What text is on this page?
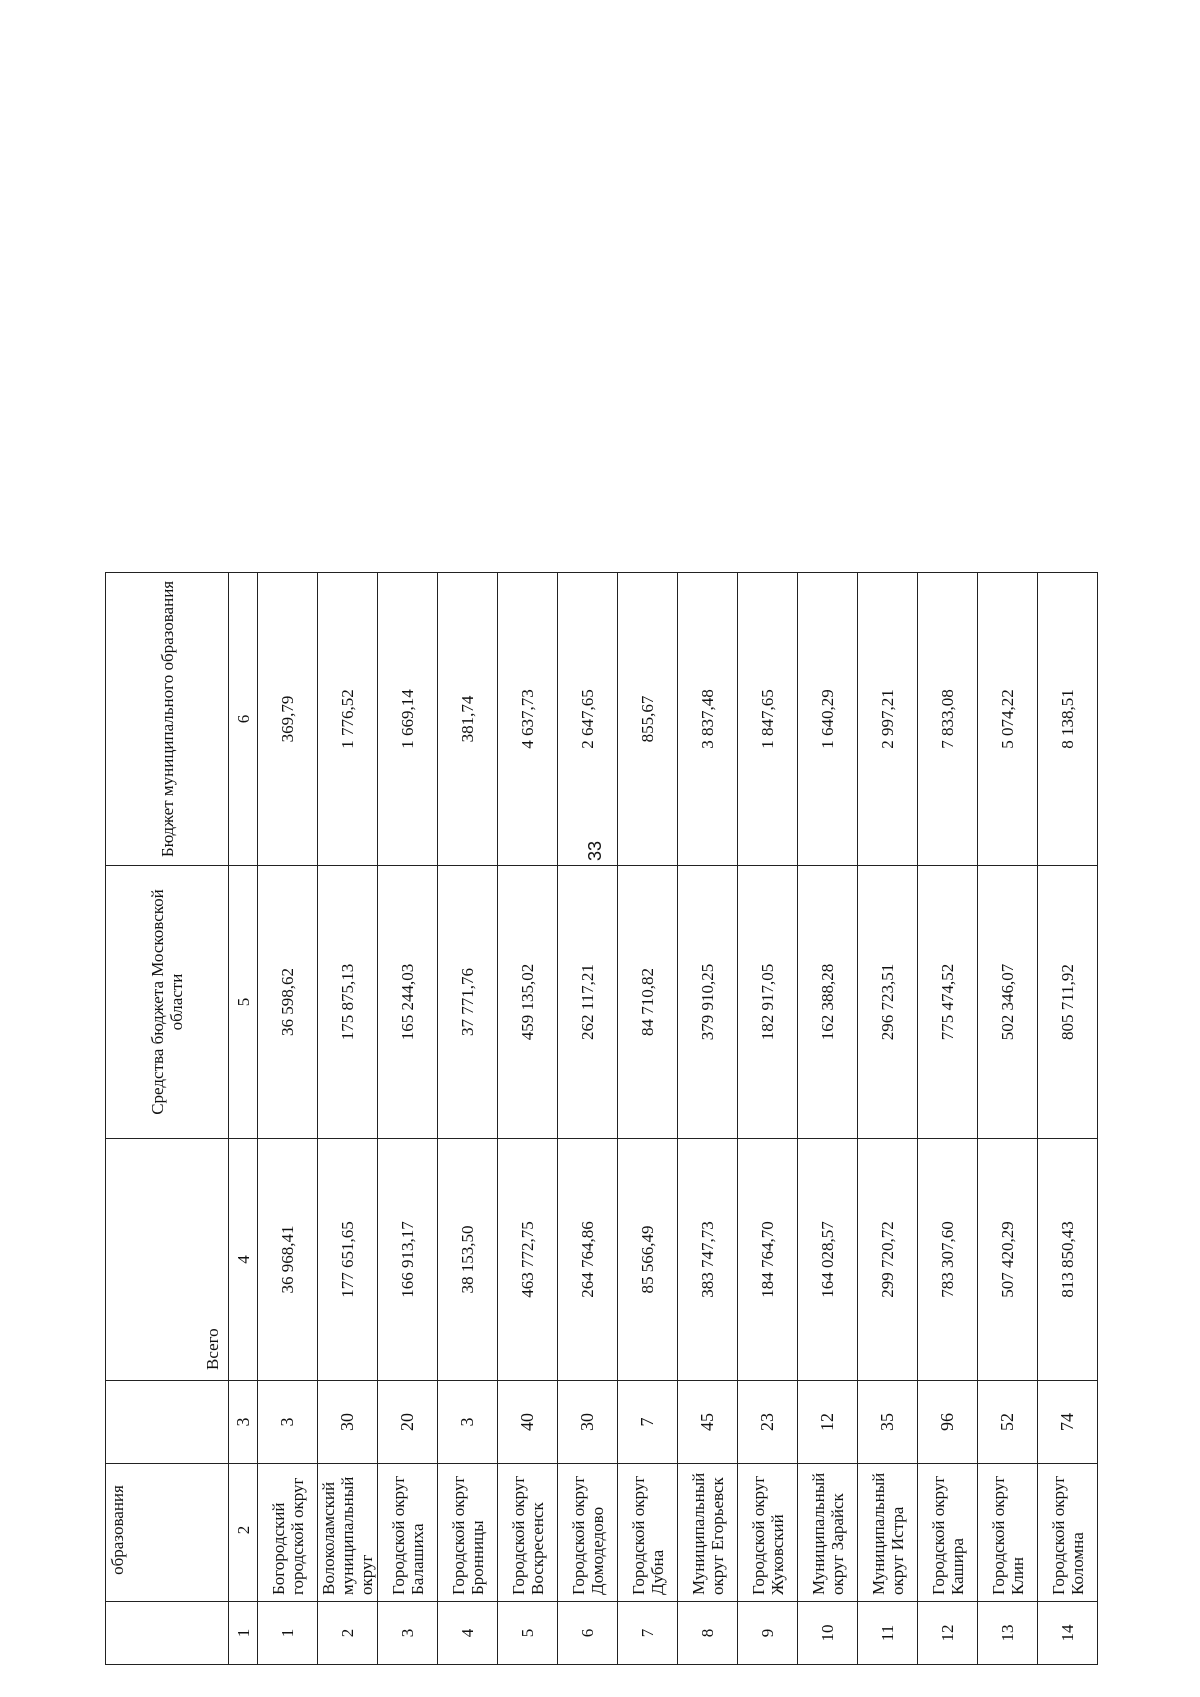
33
	образования		Всего	Средства бюджета Московской области	Бюджет муниципального образования
1	2	3	4	5	6
1	Богородский городской округ	3	36 968,41	36 598,62	369,79
2	Волоколамский муниципальный округ	30	177 651,65	175 875,13	1 776,52
3	Городской округ Балашиха	20	166 913,17	165 244,03	1 669,14
4	Городской округ Бронницы	3	38 153,50	37 771,76	381,74
5	Городской округ Воскресенск	40	463 772,75	459 135,02	4 637,73
6	Городской округ Домодедово	30	264 764,86	262 117,21	2 647,65
7	Городской округ Дубна	7	85 566,49	84 710,82	855,67
8	Муниципальный округ Егорьевск	45	383 747,73	379 910,25	3 837,48
9	Городской округ Жуковский	23	184 764,70	182 917,05	1 847,65
10	Муниципальный округ Зарайск	12	164 028,57	162 388,28	1 640,29
11	Муниципальный округ Истра	35	299 720,72	296 723,51	2 997,21
12	Городской округ Кашира	96	783 307,60	775 474,52	7 833,08
13	Городской округ Клин	52	507 420,29	502 346,07	5 074,22
14	Городской округ Коломна	74	813 850,43	805 711,92	8 138,51
